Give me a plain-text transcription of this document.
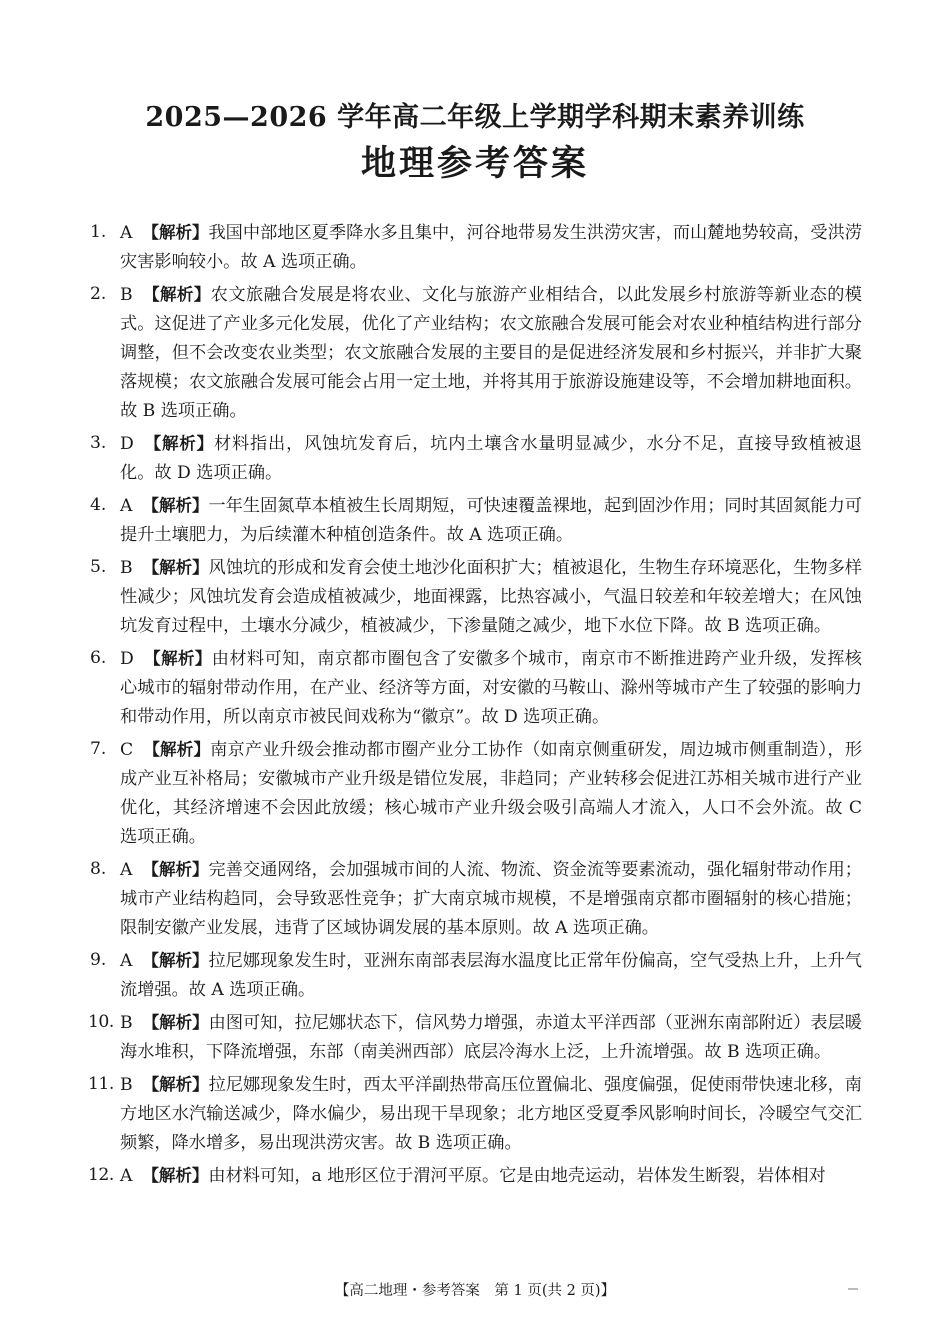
2025—2026 学年高二年级上学期学科期末素养训练
地理参考答案
1. A 【解析】我国中部地区夏季降水多且集中，河谷地带易发生洪涝灾害，而山麓地势较高，受洪涝灾害影响较小。故 A 选项正确。
2. B 【解析】农文旅融合发展是将农业、文化与旅游产业相结合，以此发展乡村旅游等新业态的模式。这促进了产业多元化发展，优化了产业结构；农文旅融合发展可能会对农业种植结构进行部分调整，但不会改变农业类型；农文旅融合发展的主要目的是促进经济发展和乡村振兴，并非扩大聚落规模；农文旅融合发展可能会占用一定土地，并将其用于旅游设施建设等，不会增加耕地面积。故 B 选项正确。
3. D 【解析】材料指出，风蚀坑发育后，坑内土壤含水量明显减少，水分不足，直接导致植被退化。故 D 选项正确。
4. A 【解析】一年生固氮草本植被生长周期短，可快速覆盖裸地，起到固沙作用；同时其固氮能力可提升土壤肥力，为后续灌木种植创造条件。故 A 选项正确。
5. B 【解析】风蚀坑的形成和发育会使土地沙化面积扩大；植被退化，生物生存环境恶化，生物多样性减少；风蚀坑发育会造成植被减少，地面裸露，比热容减小，气温日较差和年较差增大；在风蚀坑发育过程中，土壤水分减少，植被减少，下渗量随之减少，地下水位下降。故 B 选项正确。
6. D 【解析】由材料可知，南京都市圈包含了安徽多个城市，南京市不断推进跨产业升级，发挥核心城市的辐射带动作用，在产业、经济等方面，对安徽的马鞍山、滁州等城市产生了较强的影响力和带动作用，所以南京市被民间戏称为“徽京”。故 D 选项正确。
7. C 【解析】南京产业升级会推动都市圈产业分工协作（如南京侧重研发，周边城市侧重制造），形成产业互补格局；安徽城市产业升级是错位发展，非趋同；产业转移会促进江苏相关城市进行产业优化，其经济增速不会因此放缓；核心城市产业升级会吸引高端人才流入，人口不会外流。故 C 选项正确。
8. A 【解析】完善交通网络，会加强城市间的人流、物流、资金流等要素流动，强化辐射带动作用；城市产业结构趋同，会导致恶性竞争；扩大南京城市规模，不是增强南京都市圈辐射的核心措施；限制安徽产业发展，违背了区域协调发展的基本原则。故 A 选项正确。
9. A 【解析】拉尼娜现象发生时，亚洲东南部表层海水温度比正常年份偏高，空气受热上升，上升气流增强。故 A 选项正确。
10. B 【解析】由图可知，拉尼娜状态下，信风势力增强，赤道太平洋西部（亚洲东南部附近）表层暖海水堆积，下降流增强，东部（南美洲西部）底层冷海水上泛，上升流增强。故 B 选项正确。
11. B 【解析】拉尼娜现象发生时，西太平洋副热带高压位置偏北、强度偏强，促使雨带快速北移，南方地区水汽输送减少，降水偏少，易出现干旱现象；北方地区受夏季风影响时间长，冷暖空气交汇频繁，降水增多，易出现洪涝灾害。故 B 选项正确。
12. A 【解析】由材料可知，a 地形区位于渭河平原。它是由地壳运动，岩体发生断裂，岩体相对
【高二地理・参考答案　第 1 页(共 2 页)】
